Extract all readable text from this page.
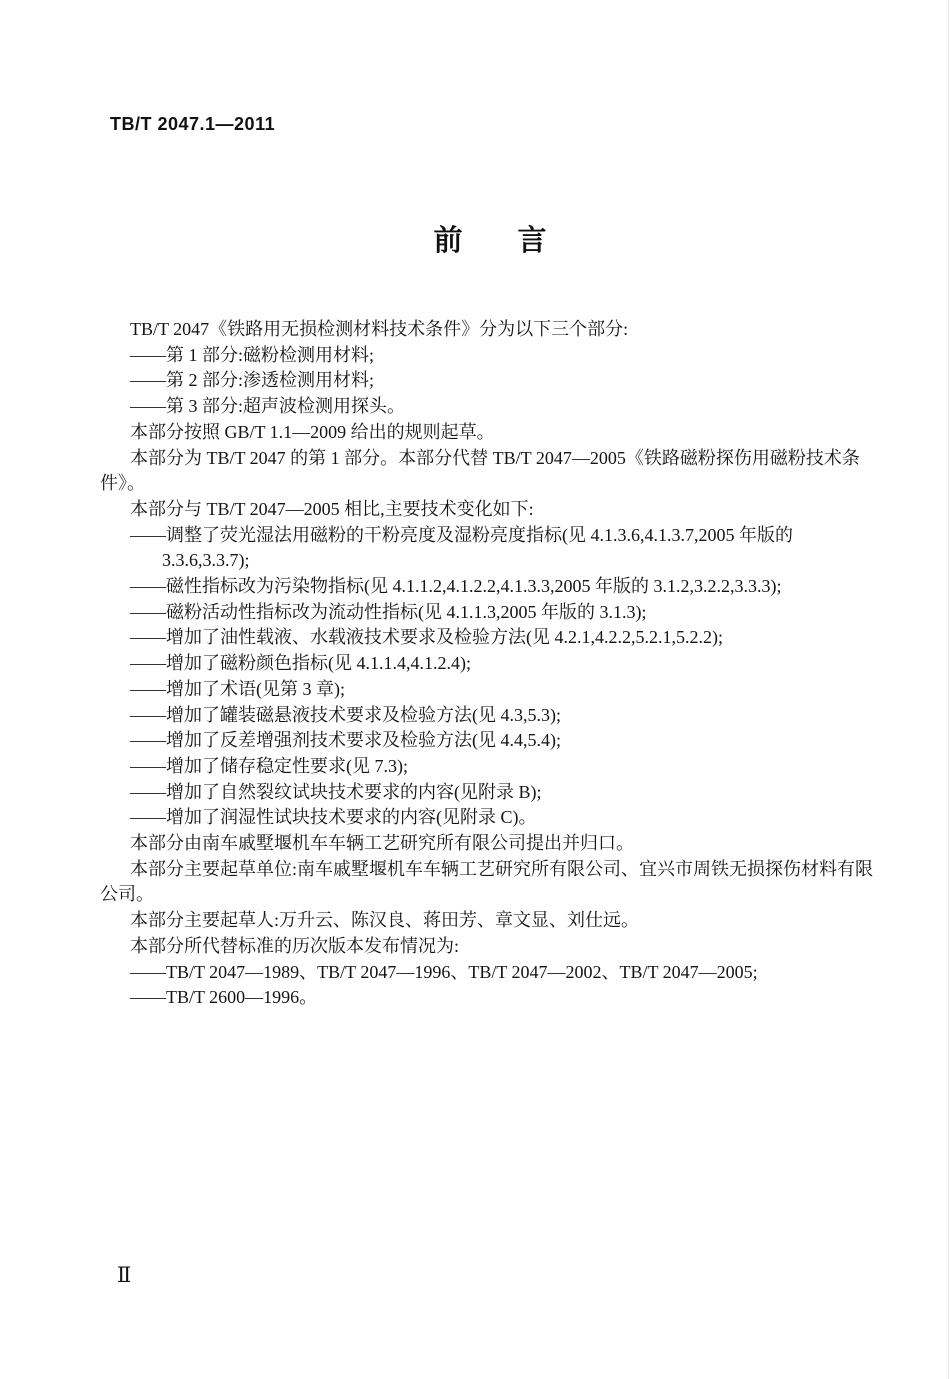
TB/T 2047.1—2011
前 言
TB/T 2047《铁路用无损检测材料技术条件》分为以下三个部分:
——第 1 部分:磁粉检测用材料;
——第 2 部分:渗透检测用材料;
——第 3 部分:超声波检测用探头。
本部分按照 GB/T 1.1—2009 给出的规则起草。
本部分为 TB/T 2047 的第 1 部分。本部分代替 TB/T 2047—2005《铁路磁粉探伤用磁粉技术条
件》。
本部分与 TB/T 2047—2005 相比,主要技术变化如下:
——调整了荧光湿法用磁粉的干粉亮度及湿粉亮度指标(见 4.1.3.6,4.1.3.7,2005 年版的
3.3.6,3.3.7);
——磁性指标改为污染物指标(见 4.1.1.2,4.1.2.2,4.1.3.3,2005 年版的 3.1.2,3.2.2,3.3.3);
——磁粉活动性指标改为流动性指标(见 4.1.1.3,2005 年版的 3.1.3);
——增加了油性载液、水载液技术要求及检验方法(见 4.2.1,4.2.2,5.2.1,5.2.2);
——增加了磁粉颜色指标(见 4.1.1.4,4.1.2.4);
——增加了术语(见第 3 章);
——增加了罐装磁悬液技术要求及检验方法(见 4.3,5.3);
——增加了反差增强剂技术要求及检验方法(见 4.4,5.4);
——增加了储存稳定性要求(见 7.3);
——增加了自然裂纹试块技术要求的内容(见附录 B);
——增加了润湿性试块技术要求的内容(见附录 C)。
本部分由南车戚墅堰机车车辆工艺研究所有限公司提出并归口。
本部分主要起草单位:南车戚墅堰机车车辆工艺研究所有限公司、宜兴市周铁无损探伤材料有限
公司。
本部分主要起草人:万升云、陈汉良、蒋田芳、章文显、刘仕远。
本部分所代替标准的历次版本发布情况为:
——TB/T 2047—1989、TB/T 2047—1996、TB/T 2047—2002、TB/T 2047—2005;
——TB/T 2600—1996。
Ⅱ
